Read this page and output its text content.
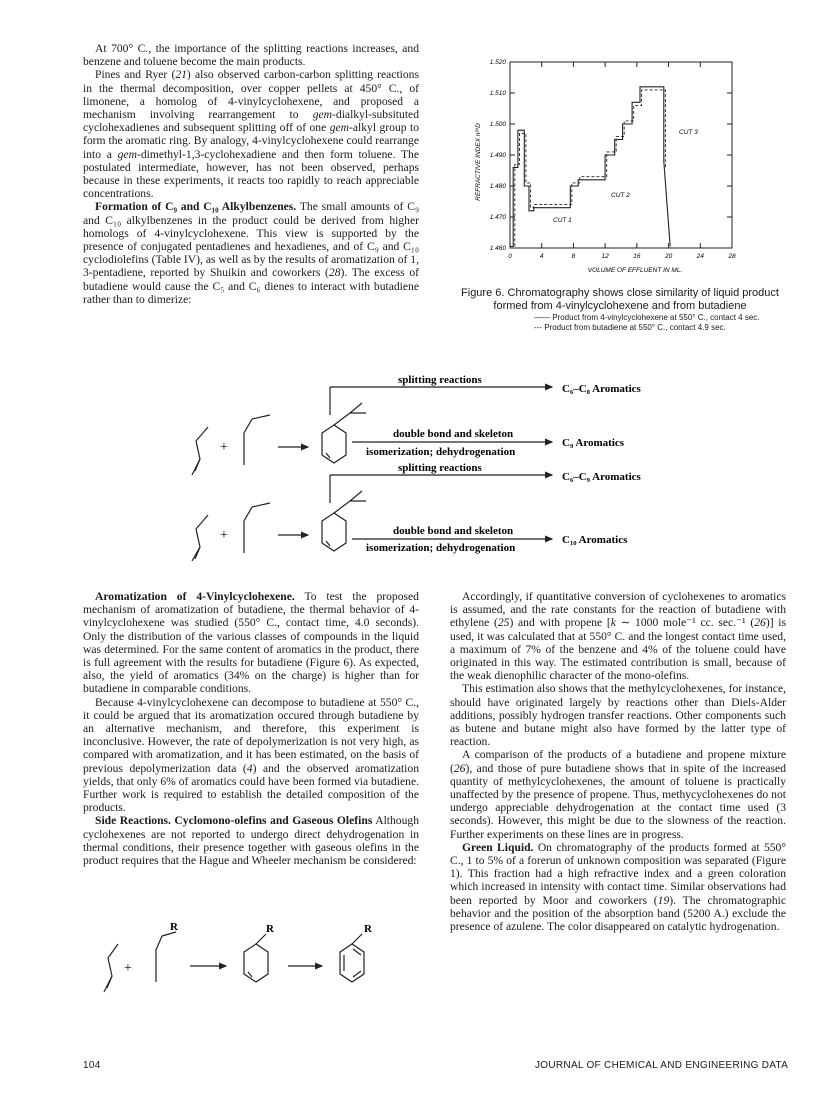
At 700° C., the importance of the splitting reactions increases, and benzene and toluene become the main products.

Pines and Ryer (21) also observed carbon-carbon splitting reactions in the thermal decomposition, over copper pellets at 450° C., of limonene, a homolog of 4-vinylcyclohexene, and proposed a mechanism involving rearrangement to gem-dialkyl-subsituted cyclohexadienes and subsequent splitting off of one gem-alkyl group to form the aromatic ring. By analogy, 4-vinylcyclohexene could rearrange into a gem-dimethyl-1,3-cyclohexadiene and then form toluene. The postulated intermediate, however, has not been observed, perhaps because in these experiments, it reacts too rapidly to reach appreciable concentrations.

Formation of C₉ and C₁₀ Alkylbenzenes. The small amounts of C₉ and C₁₀ alkylbenzenes in the product could be derived from higher homologs of 4-vinylcyclohexene. This view is supported by the presence of conjugated pentadienes and hexadienes, and of C₉ and C₁₀ cyclodiolefins (Table IV), as well as by the results of aromatization of 1, 3-pentadiene, reported by Shuikin and coworkers (28). The excess of butadiene would cause the C₅ and C₆ dienes to interact with butadiene rather than to dimerize:

1.460
1.470
1.480
1.490
1.500
1.510
1.520
0	4	8	12	16	20	24	28
REFRACTIVE INDEX n²⁰D
VOLUME OF EFFLUENT IN ML.
CUT 1
CUT 2
CUT 3
Figure 6. Chromatography shows close similarity of liquid product formed from 4-vinylcyclohexene and from butadiene
—— Product from 4-vinylcyclohexene at 550° C., contact 4 sec.
--- Product from butadiene at 550° C., contact 4.9 sec.
splitting reactions
double bond and skeleton
isomerization; dehydrogenation
C₆–C₈ Aromatics
C₉ Aromatics
splitting reactions
double bond and skeleton
isomerization; dehydrogenation
C₆–C₉ Aromatics
C₁₀ Aromatics
+
+

Aromatization of 4-Vinylcyclohexene. To test the proposed mechanism of aromatization of butadiene, the thermal behavior of 4-vinylcyclohexene was studied (550° C., contact time, 4.0 seconds). Only the distribution of the various classes of compounds in the liquid was determined. For the same content of aromatics in the product, there is full agreement with the results for butadiene (Figure 6). As expected, also, the yield of aromatics (34% on the charge) is higher than for butadiene in comparable conditions.

Because 4-vinylcyclohexene can decompose to butadiene at 550° C., it could be argued that its aromatization occured through butadiene by an alternative mechanism, and therefore, this experiment is inconclusive. However, the rate of depolymerization is not very high, as compared with aromatization, and it has been estimated, on the basis of previous depolymerization data (4) and the observed aromatization yields, that only 6% of aromatics could have been formed via butadiene. Further work is required to establish the detailed composition of the products.

Side Reactions. Cyclomono-olefins and Gaseous Olefins Although cyclohexenes are not reported to undergo direct dehydrogenation in thermal conditions, their presence together with gaseous olefins in the product requires that the Hague and Wheeler mechanism be considered:

+
R	R	R

Accordingly, if quantitative conversion of cyclohexenes to aromatics is assumed, and the rate constants for the reaction of butadiene with ethylene (25) and with propene [k ∼ 1000 mole⁻¹ cc. sec.⁻¹ (26)] is used, it was calculated that at 550° C. and the longest contact time used, a maximum of 7% of the benzene and 4% of the toluene could have originated in this way. The estimated contribution is small, because of the weak dienophilic character of the mono-olefins.

This estimation also shows that the methylcyclohexenes, for instance, should have originated largely by reactions other than Diels-Alder additions, possibly hydrogen transfer reactions. Other components such as butene and butane might also have formed by the latter type of reaction.

A comparison of the products of a butadiene and propene mixture (26), and those of pure butadiene shows that in spite of the increased quantity of methylcyclohexenes, the amount of toluene is practically unaffected by the presence of propene. Thus, methycyclohexenes do not undergo appreciable dehydrogenation at the contact time used (3 seconds). However, this might be due to the slowness of the reaction. Further experiments on these lines are in progress.

Green Liquid. On chromatography of the products formed at 550° C., 1 to 5% of a forerun of unknown composition was separated (Figure 1). This fraction had a high refractive index and a green coloration which increased in intensity with contact time. Similar observations had been reported by Moor and coworkers (19). The chromatographic behavior and the position of the absorption band (5200 A.) exclude the presence of azulene. The color disappeared on catalytic hydrogenation.

104	JOURNAL OF CHEMICAL AND ENGINEERING DATA
